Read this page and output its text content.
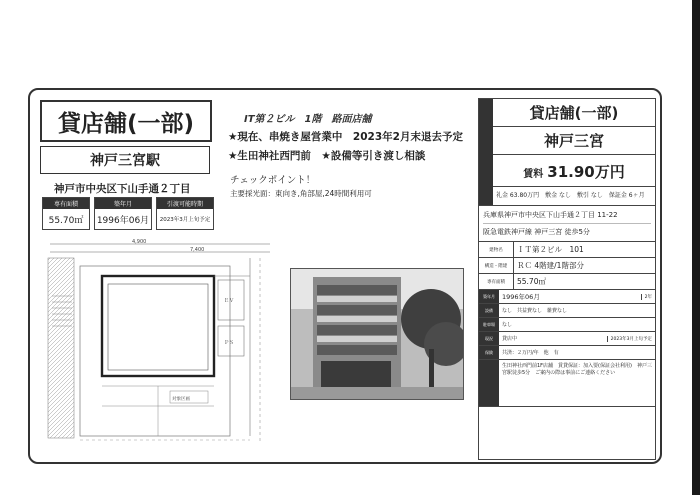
貸店舗(一部)
神戸三宮駅
神戸市中央区下山手通２丁目
専有面積
55.70㎡
築年月
1996年06月
引渡可能時期
2023年3月上旬予定
IT第２ビル　1階　路面店舗
★現在、串焼き屋営業中　2023年2月末退去予定
★生田神社西門前　★設備等引き渡し相談
チェックポイント！
主要採光面：東向き,角部屋,24時間利用可
4,900
7,400
対象区画
ＥＶ
ＰＳ
貸店舗(一部)
神戸三宮
賃料 31.90万円
礼金 63.80万円　敷金 なし　敷引 なし　保証金 6ヶ月
兵庫県神戸市中央区下山手通２丁目 11-22
阪急電鉄神戸線 神戸三宮 徒歩5分
建物名	ＩＴ第２ビル　101
構造・階建	ＲＣ 4階建/1階部分
専有面積	55.70㎡
築年月	1996年06月	2年
設備	なし　共益費なし　雑費なし
駐車場	なし
現況	貸店中	2023年3月上旬予定
保険	共済：２万円/年　他　有
生田神社西門前1F店舗　賃貸保証：加入要(保証会社利用)　神戸三宮駅徒歩5分　ご案内の際は事前にご連絡ください
